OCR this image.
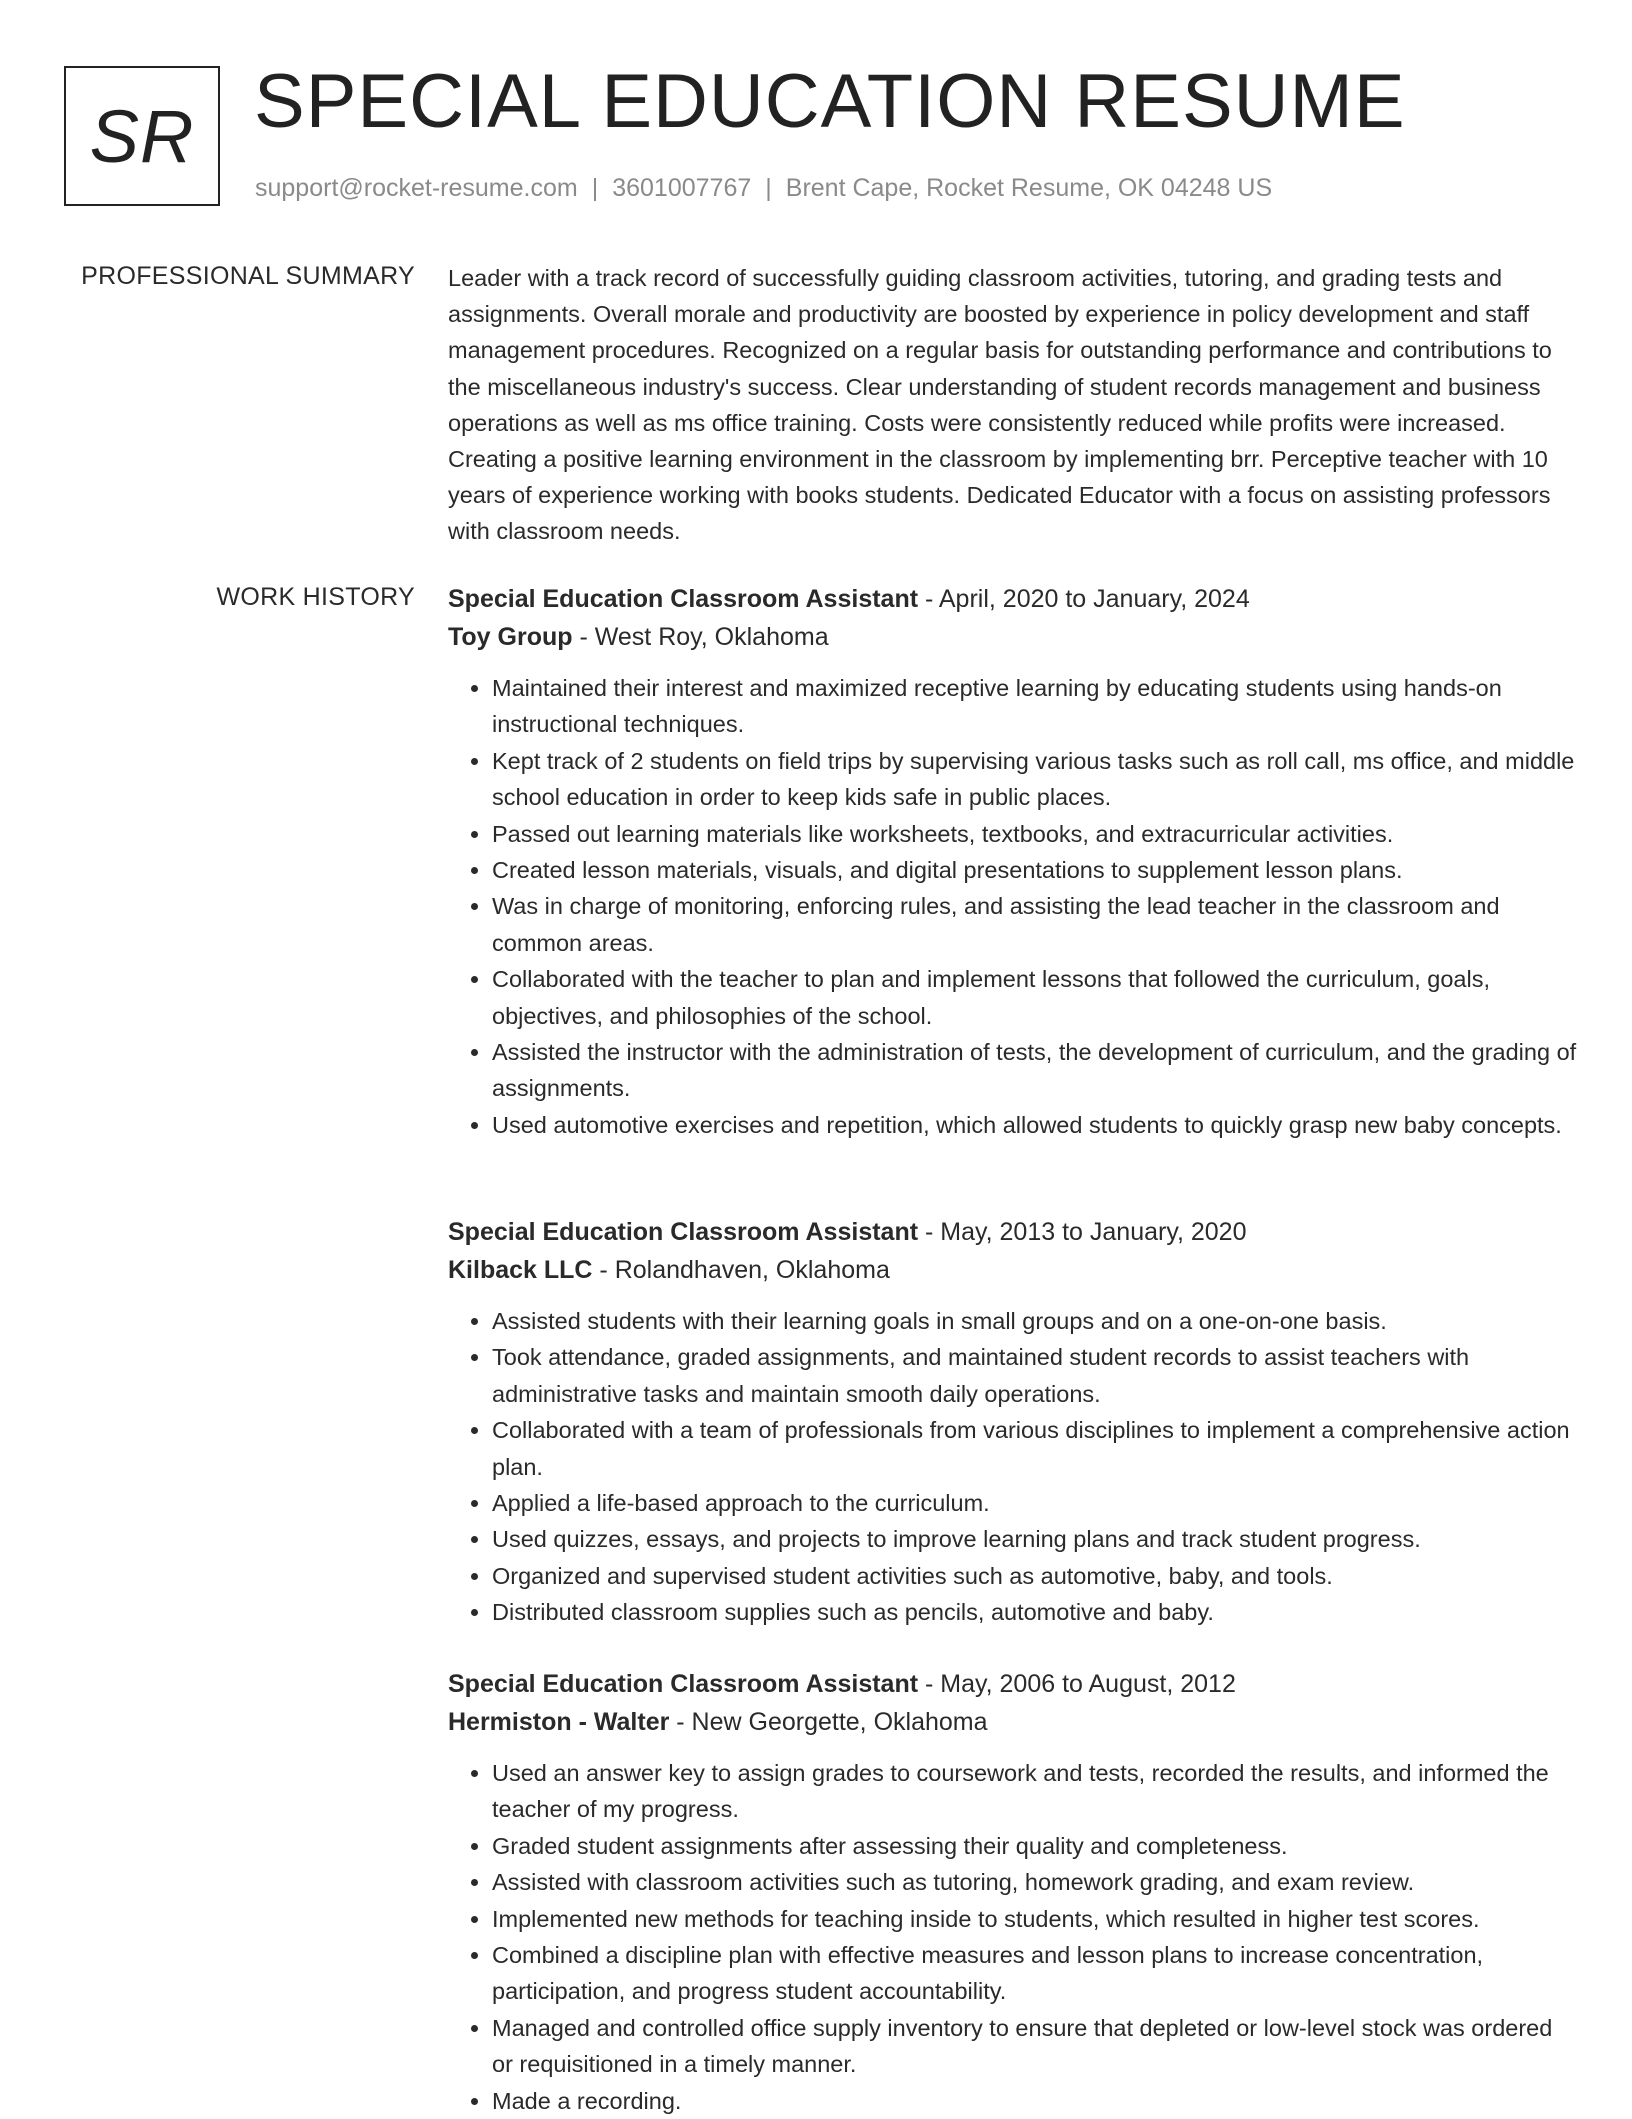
SR SPECIAL EDUCATION RESUME
support@rocket-resume.com | 3601007767 | Brent Cape, Rocket Resume, OK 04248 US
PROFESSIONAL SUMMARY Leader with a track record of successfully guiding classroom activities, tutoring, and grading tests and assignments. Overall morale and productivity are boosted by experience in policy development and staff management procedures. Recognized on a regular basis for outstanding performance and contributions to the miscellaneous industry's success. Clear understanding of student records management and business operations as well as ms office training. Costs were consistently reduced while profits were increased. Creating a positive learning environment in the classroom by implementing brr. Perceptive teacher with 10 years of experience working with books students. Dedicated Educator with a focus on assisting professors with classroom needs.

WORK HISTORY Special Education Classroom Assistant - April, 2020 to January, 2024
Toy Group - West Roy, Oklahoma
• Maintained their interest and maximized receptive learning by educating students using hands-on instructional techniques.
• Kept track of 2 students on field trips by supervising various tasks such as roll call, ms office, and middle school education in order to keep kids safe in public places.
• Passed out learning materials like worksheets, textbooks, and extracurricular activities.
• Created lesson materials, visuals, and digital presentations to supplement lesson plans.
• Was in charge of monitoring, enforcing rules, and assisting the lead teacher in the classroom and common areas.
• Collaborated with the teacher to plan and implement lessons that followed the curriculum, goals, objectives, and philosophies of the school.
• Assisted the instructor with the administration of tests, the development of curriculum, and the grading of assignments.
• Used automotive exercises and repetition, which allowed students to quickly grasp new baby concepts.
Special Education Classroom Assistant - May, 2013 to January, 2020
Kilback LLC - Rolandhaven, Oklahoma
• Assisted students with their learning goals in small groups and on a one-on-one basis.
• Took attendance, graded assignments, and maintained student records to assist teachers with administrative tasks and maintain smooth daily operations.
• Collaborated with a team of professionals from various disciplines to implement a comprehensive action plan.
• Applied a life-based approach to the curriculum.
• Used quizzes, essays, and projects to improve learning plans and track student progress.
• Organized and supervised student activities such as automotive, baby, and tools.
• Distributed classroom supplies such as pencils, automotive and baby.
Special Education Classroom Assistant - May, 2006 to August, 2012
Hermiston - Walter - New Georgette, Oklahoma
• Used an answer key to assign grades to coursework and tests, recorded the results, and informed the teacher of my progress.
• Graded student assignments after assessing their quality and completeness.
• Assisted with classroom activities such as tutoring, homework grading, and exam review.
• Implemented new methods for teaching inside to students, which resulted in higher test scores.
• Combined a discipline plan with effective measures and lesson plans to increase concentration, participation, and progress student accountability.
• Managed and controlled office supply inventory to ensure that depleted or low-level stock was ordered or requisitioned in a timely manner.
• Made a recording.
